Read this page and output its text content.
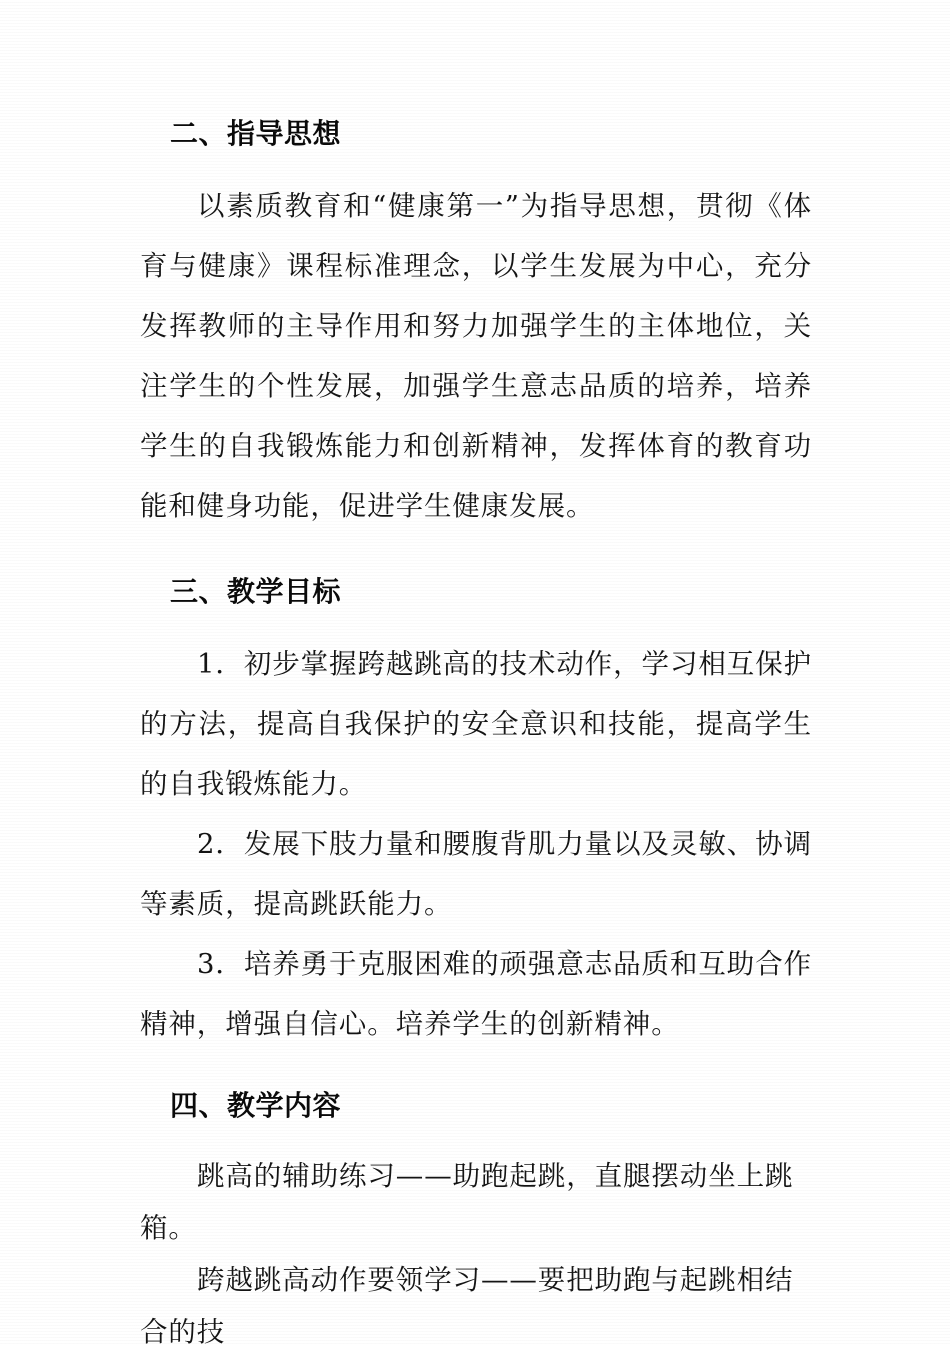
二、指导思想

以素质教育和“健康第一”为指导思想，贯彻《体育与健康》课程标准理念，以学生发展为中心，充分发挥教师的主导作用和努力加强学生的主体地位，关注学生的个性发展，加强学生意志品质的培养，培养学生的自我锻炼能力和创新精神，发挥体育的教育功能和健身功能，促进学生健康发展。

三、教学目标

1．初步掌握跨越跳高的技术动作，学习相互保护的方法，提高自我保护的安全意识和技能，提高学生的自我锻炼能力。

2．发展下肢力量和腰腹背肌力量以及灵敏、协调等素质，提高跳跃能力。

3．培养勇于克服困难的顽强意志品质和互助合作精神，增强自信心。培养学生的创新精神。

四、教学内容

跳高的辅助练习——助跑起跳，直腿摆动坐上跳箱。

跨越跳高动作要领学习——要把助跑与起跳相结合的技
